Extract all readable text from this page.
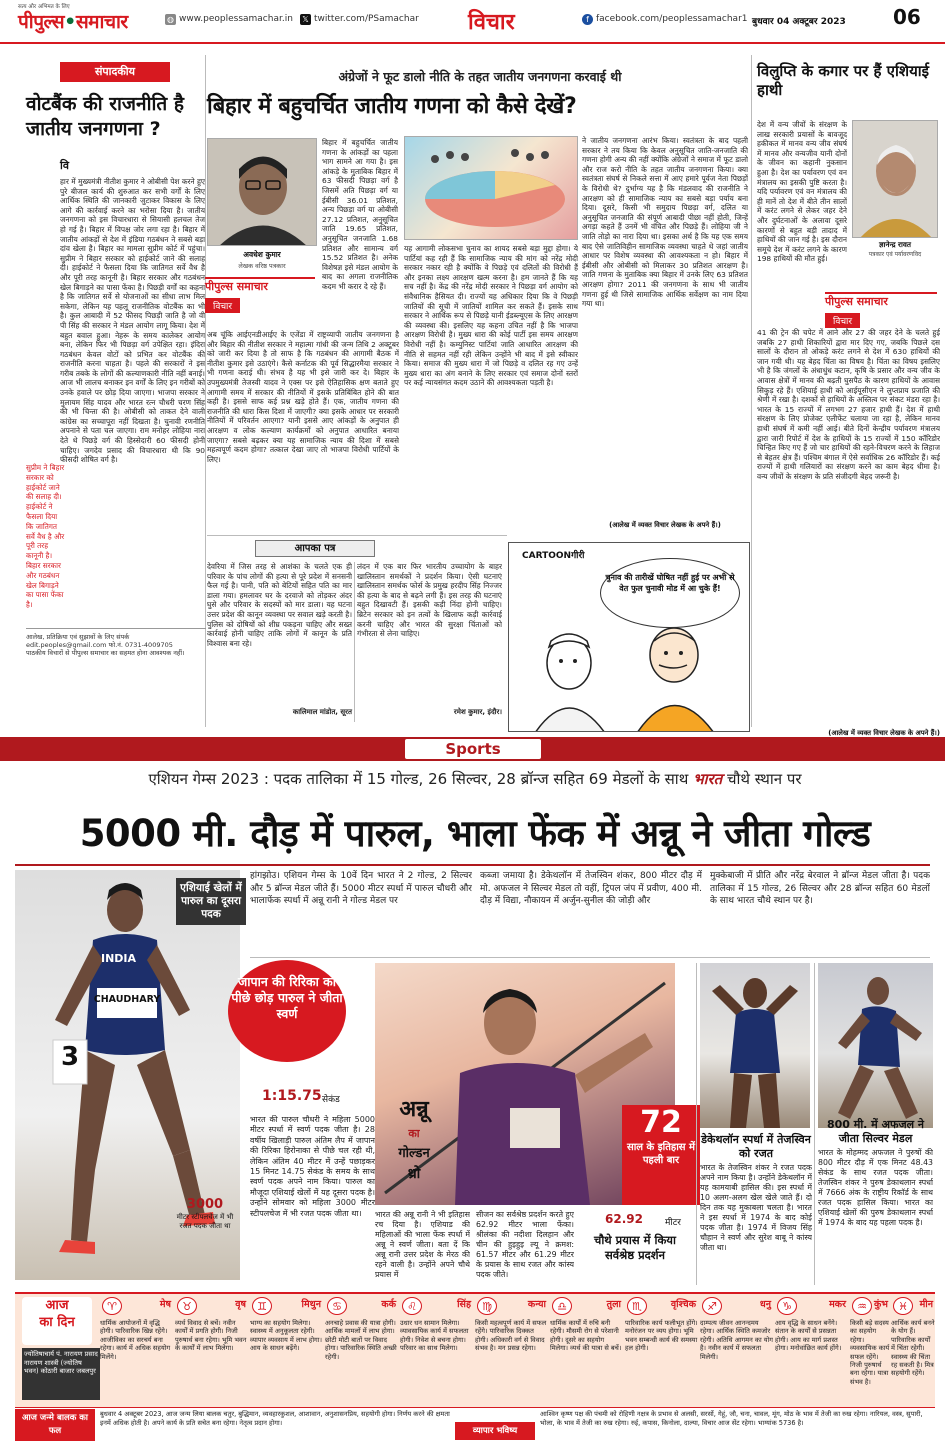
सत्य और अभिमत के लिए
पीपुल्स•समाचार	◍ www.peoplessamachar.in 𝕏 twitter.com/PSamachar विचार	f facebook.com/peoplessamachar1 बुधवार 04 अक्टूबर 2023 06
संपादकीय
वोटबैंक की राजनीति है जातीय जनगणना ?
वि
हार में मुख्यमंत्री नीतीश कुमार ने ओबीसी पेश करने हुए पुरे बीजल कार्य की शुरुआत कर सभी वर्गों के लिए आर्थिक स्थिति की जानकारी जुटाकर विकास के लिए आगे की कार्रवाई करने का भरोसा दिया है। जातीय जनगणना को इस विचारधारा से सियासी हलचल तेज हो गई है। बिहार में विपक्ष जोर लगा रहा है। बिहार में जातीय आंकड़ों से देश में इंडिया गठबंधन ने सबसे बड़ा दांव खेला है। बिहार का मामला सुप्रीम कोर्ट में पहुंचा। सुप्रीम ने बिहार सरकार को हाईकोर्ट जाने की सलाह दी। हाईकोर्ट ने फैसला दिया कि जातिगत सर्वे वैध है और पूरी तरह कानूनी है। बिहार सरकार और गठबंधन खेल बिगाड़ने का पासा फेंका है। पिछड़ी वर्गों का कहना है कि जातिगत सर्वे से योजनाओं का सीधा लाभ मिल सकेगा, लेकिन यह पहलू राजनीतिक वोटबैंक का भी है। कुल आबादी में 52 फीसद पिछड़ी जाति है जो वी पी सिंह की सरकार ने मंडल आयोग लागू किया। देश में बहुत बवाल हुआ। नेहरू के समय कालेकर आयोग बना, लेकिन फिर भी पिछड़ा वर्ग उपेक्षित रहा। इंदिरा गठबंधन केवल वोटों को प्रभित कर वोटबैंक की राजनीति करना चाहता है। पहले की सरकारों ने इस गरीब तबके के लोगों की कल्याणकारी नीति नहीं बनाई। आज भी लालच बनाकर इन वर्गों के लिए इन गरीबों को उनके हवाले पर छोड़ दिया जाएगा। भाजपा सरकार ने मुलायम सिंह यादव और भारत रत्न चौधरी चरण सिंह की भी चिन्ता की है। ओबीसी को ताकत देने वाली कांग्रेस का सच्चापूरा नहीं दिखता है। चुनावी रणनीति अपनाने से पता चल जाएगा। राम मनोहर लोहिया नारा देते थे पिछड़े वर्ग की हिस्सेदारी 60 फीसदी होनी चाहिए। जगदेव प्रसाद की विचारधारा थी कि 90 फीसदी शोषित वर्ग है।
सुप्रीम ने बिहार सरकार को हाईकोर्ट जाने की सलाह दी। हाईकोर्ट ने फैसला दिया कि जातिगत सर्वे वैध है और पूरी तरह कानूनी है। बिहार सरकार और गठबंधन खेल बिगाड़ने का पासा फेंका है।
आलेख, प्रतिक्रिया एवं सुझावों के लिए संपर्क
edit.peoples@gmail.com फो.नं. 0731-4009705
पाठकीय विचारों से पीपुल्स समाचार का सहमत होना आवश्यक नहीं।
अंग्रेजों ने फूट डालो नीति के तहत जातीय जनगणना करवाई थी
बिहार में बहुचर्चित जातीय गणना को कैसे देखें?
अवधेश कुमार
लेखक वरिष्ठ पत्रकार
पीपुल्स समाचार
विचार
बिहार में बहुचर्चित जातीय गणना के आंकड़ों का पहला भाग सामने आ गया है। इस आंकड़े के मुताबिक बिहार में 63 फीसदी पिछड़ा वर्ग है जिसमें अति पिछड़ा वर्ग या ईबीसी 36.01 प्रतिशत, अन्य पिछड़ा वर्ग या ओबीसी 27.12 प्रतिशत, अनुसूचित जाति 19.65 प्रतिशत, अनुसूचित जनजाति 1.68 प्रतिशत और सामान्य वर्ग 15.52 प्रतिशत है। अनेक विशेषज्ञ इसे मंडल आयोग के बाद का अगला राजनीतिक कदम भी करार दे रहे हैं।
यह आगामी लोकसभा चुनाव का शायद सबसे बड़ा मुद्दा होगा। ये पार्टियां कह रही हैं कि सामाजिक न्याय की मांग को नरेंद्र मोदी सरकार नकार रही है क्योंकि वे पिछड़े एवं दलितों की विरोधी हैं और इनका लक्ष्य आरक्षण खत्म करना है। हम जानते हैं कि यह सच नहीं है। केंद्र की नरेंद्र मोदी सरकार ने पिछड़ा वर्ग आयोग को संवैधानिक हैसियत दी। राज्यों यह अधिकार दिया कि वे पिछड़ी जातियों की सूची में जातियों शामिल कर सकते हैं। इसके साथ सरकार ने आर्थिक रूप से पिछड़े यानी ईडब्ल्यूएस के लिए आरक्षण की व्यवस्था की। इसलिए यह कहना उचित नहीं है कि भाजपा आरक्षण विरोधी है। मुख्य धारा की कोई पार्टी इस समय आरक्षण विरोधी नहीं है। कम्युनिस्ट पार्टियां जाति आधारित आरक्षण की नीति से सहमत नहीं रही लेकिन उन्होंने भी बाद में इसे स्वीकार किया। समाज की मुख्य धारा में जो पिछड़े व दलित रह गए उन्हें मुख्य धारा का अंग बनाने के लिए सरकार एवं समाज दोनों स्तरों पर कई न्यायसंगत कदम उठाने की आवश्यकता पड़ती है।
ने जातीय जनगणना आरंभ किया। स्वतंत्रता के बाद पहली सरकार ने तय किया कि केवल अनुसूचित जाति-जनजाति की गणना होगी अन्य की नहीं क्योंकि अंग्रेजों ने समाज में फूट डालो और राज करो नीति के तहत जातीय जनगणना किया। क्या स्वतंत्रता संघर्ष से निकले सत्ता में आए हमारे पूर्वज नेता पिछड़ों के विरोधी थे? दुर्भाग्य यह है कि मंडलवाद की राजनीति ने आरक्षण को ही सामाजिक न्याय का सबसे बड़ा पर्याय बना दिया। दूसरे, किसी भी समुदाय पिछड़ा वर्ग, दलित या अनुसूचित जनजाति की संपूर्ण आबादी पीछा नहीं होती, जिन्हें अगड़ा कहते हैं उनमें भी वंचित और पिछड़े हैं। लोहिया जी ने जाति तोड़ो का नारा दिया था। इसका अर्थ है कि यह एक समय बाद ऐसे जातिविहीन सामाजिक व्यवस्था चाहते थे जहां जातीय आधार पर विशेष व्यवस्था की आवश्यकता न हो। बिहार में ईबीसी और ओबीसी को मिलाकर 30 प्रतिशत आरक्षण है। जाति गणना के मुताबिक क्या बिहार में उनके लिए 63 प्रतिशत आरक्षण होगा? 2011 की जनगणना के साथ भी जातीय गणना हुई थी जिसे सामाजिक आर्थिक सर्वेक्षण का नाम दिया गया था।
अब चूंकि आईएनडीआईए के एजेंडा में राष्ट्रव्यापी जातीय जनगणना है और बिहार की नीतीश सरकार ने महात्मा गांधी की जन्म तिथि 2 अक्टूबर को जारी कर दिया है तो साफ है कि गठबंधन की आगामी बैठक में नीतीश कुमार इसे उठाएंगे। कैसे कर्नाटक की पूर्व सिद्धारमैया सरकार ने भी गणना कराई थी। संभव है यह भी इसे जारी कर दे। बिहार के उपमुख्यमंत्री तेजस्वी यादव ने एक्स पर इसे ऐतिहासिक क्षण बताते हुए आगामी समय में सरकार की नीतियों में इसके प्रतिबिंबित होने की बात कही है। इससे साफ कई प्रश्न खड़े होते हैं। एक, जातीय गणना की राजनीति की धारा किस दिशा में जाएगी? क्या इसके आधार पर सरकारी नीतियों में परिवर्तन आएगा? यानी इससे आए आंकड़ों के अनुपात ही आरक्षण व लोक कल्याण कार्यक्रमों को अनुपात आधारित बनाया जाएगा? सबसे बढ़कर क्या यह सामाजिक न्याय की दिशा में सबसे महत्वपूर्ण कदम होगा? तत्काल देखा जाए तो भाजपा विरोधी पार्टियों के लिए।
(आलेख में व्यक्त विचार लेखक के अपने हैं।)
विलुप्ति के कगार पर हैं एशियाई हाथी
ज्ञानेन्द्र रावत
पत्रकार एवं पर्यावरणविद
देश में वन्य जीवों के संरक्षण के लाख सरकारी प्रयासों के बावजूद हकीकत में मानव वन्य जीव संघर्ष में मानव और वन्यजीव यानी दोनों के जीवन का कहानी नुकसान हुआ है। देश का पर्यावरण एवं वन मंत्रालय का इसकी पुष्टि करता है। यदि पर्यावरण एवं वन मंत्रालय की ही मानें तो देश में बीते तीन सालों में करंट लगने से लेकर जहर देने और दुर्घटनाओं के अलावा दूसरे कारणों से बहुत बड़ी तादाद में हाथियों की जान गई है। इस दौरान समूचे देश में करंट लगने के कारण 198 हाथियों की मौत हुई।
पीपुल्स समाचार
विचार
41 की ट्रेन की चपेट में आने और 27 की जहर देने के चलते हुई जबकि 27 हाथी शिकारियों द्वारा मार दिए गए, जबकि पिछले दस सालों के दौरान तो ओकड़े करंट लगने से देश में 630 हाथियों की जान गयी थी। यह बेहद चिंता का विषय है। चिंता का विषय इसलिए भी है कि जंगलों के अंधाधुंध कटान, कृषि के प्रसार और वन्य जीव के आवास क्षेत्रों में मानव की बढ़ती घुसपैठ के कारण हाथियों के आवास सिकुड़ रहे हैं। एशियाई हाथी को आईयूसीएन ने लुप्तप्राय प्रजाति की श्रेणी में रखा है। दशकों से हाथियों के अस्तित्व पर संकट मंडरा रहा है। भारत के 15 राज्यों में लगभग 27 हजार हाथी हैं। देश में हाथी संरक्षण के लिए प्रोजेक्ट एलीफेंट चलाया जा रहा है, लेकिन मानव हाथी संघर्ष में कमी नहीं आई। बीते दिनों केन्द्रीय पर्यावरण मंत्रालय द्वारा जारी रिपोर्ट में देश के हाथियों के 15 राज्यों में 150 कॉरिडोर चिन्हित किए गए हैं जो चार हाथियों की रहने-विचरण करने के लिहाज से बेहतर क्षेत्र हैं। पश्चिम बंगाल में ऐसे सर्वाधिक 26 कॉरिडोर हैं। कई राज्यों में हाथी गलियारों का संरक्षण करने का काम बेहद धीमा है। वन्य जीवों के संरक्षण के प्रति संजीदगी बेहद जरूरी है।
(आलेख में व्यक्त विचार लेखक के अपने हैं।)
आपका पत्र
देवरिया में जिस तरह से आशंका के चलते एक ही परिवार के पांच लोगों की हत्या से पूरे प्रदेश में सनसनी फैल गई है। पानी, पति को बेटियों सहित पति का मार डाला गया। हमलावर घर के दरवाजे को तोड़कर अंदर घुसे और परिवार के सदस्यों को मार डाला। यह घटना उत्तर प्रदेश की कानून व्यवस्था पर सवाल खड़े करती है। पुलिस को दोषियों को शीघ्र पकड़ना चाहिए और सख्त कार्रवाई होनी चाहिए ताकि लोगों में कानून के प्रति विश्वास बना रहे।
कालिमाल मांडोत, सूरत
लंदन में एक बार फिर भारतीय उच्चायोग के बाहर खालिस्तान समर्थकों ने प्रदर्शन किया। ऐसी घटनाएं खालिस्तान समर्थक फोर्स के प्रमुख हरदीप सिंह निज्जर की हत्या के बाद से बढ़ने लगी हैं। इस तरह की घटनाएं बहुत दिखावटी हैं। इसकी कड़ी निंदा होनी चाहिए। ब्रिटेन सरकार को इन तत्वों के खिलाफ कड़ी कार्रवाई करनी चाहिए और भारत की सुरक्षा चिंताओं को गंभीरता से लेना चाहिए।
रमेश कुमार, इंदौर।
CARTOONगीरी
चुनाव की तारीखें घोषित नहीं हुई पर अभी से वेत फुल चुनावी मोड में आ चुके हैं!
Sports
एशियन गेम्स 2023 : पदक तालिका में 15 गोल्ड, 26 सिल्वर, 28 ब्रॉन्ज सहित 69 मेडलों के साथ भारत चौथे स्थान पर
5000 मी. दौड़ में पारुल, भाला फेंक में अन्नू ने जीता गोल्ड
INDIA
CHAUDHARY
3
एशियाई खेलों में पारुल का दूसरा पदक
जापान की रिरिका को पीछे छोड़ पारुल ने जीता स्वर्ण
1:15.75 सेकंड
भारत की पारुल चौधरी ने महिला 5000 मीटर स्पर्धा में स्वर्ण पदक जीता है। 28 वर्षीय खिलाड़ी पारुल अंतिम लैप में जापान की रिरिका हिरोनाका से पीछे चल रही थी, लेकिन अंतिम 40 मीटर में उन्हें पछाड़कर 15 मिनट 14.75 सेकंड के समय के साथ स्वर्ण पदक अपने नाम किया। पारुल का मौजूदा एशियाई खेलों में यह दूसरा पदक है। उन्होंने सोमवार को महिला 3000 मीटर स्टीपलचेज में भी रजत पदक जीता था।
3000
मीटर स्टीपलचेज में भी रजत पदक जीता था
हांगझोउ। एशियन गेम्स के 10वें दिन भारत ने 2 गोल्ड, 2 सिल्वर और 5 ब्रॉन्ज मेडल जीते हैं। 5000 मीटर स्पर्धा में पारुल चौधरी और भालाफेंक स्पर्धा में अन्नू रानी ने गोल्ड मेडल पर
कब्जा जमाया है। डेकेथलॉन में तेजस्विन शंकर, 800 मीटर दौड़ में मो. अफजल ने सिल्वर मेडल तो वहीं, ट्रिपल जंप में प्रवीण, 400 मी. दौड़ में विद्या, नौकायन में अर्जुन-सुनील की जोड़ी और
मुक्केबाजी में प्रीति और नरेंद्र बेरवाल ने ब्रॉन्ज मेडल जीता है। पदक तालिका में 15 गोल्ड, 26 सिल्वर और 28 ब्रॉन्ज सहित 60 मेडलों के साथ भारत चौथे स्थान पर है।
अन्नू
का
गोल्डन
थ्रो
भारत की अन्नू रानी ने भी इतिहास रच दिया है। एशियाड की महिलाओं की भाला फेंक स्पर्धा में अन्नू ने स्वर्ण जीता। बता दें कि अन्नू रानी उत्तर प्रदेश के मेरठ की रहने वाली है। उन्होंने अपने चौथे प्रयास में
सीजन का सर्वश्रेष्ठ प्रदर्शन करते हुए 62.92 मीटर भाला फेंका। श्रीलंका की नदीशा दिलहान और चीन की हुइहुइ ल्यू ने क्रमश: 61.57 मीटर और 61.29 मीटर के प्रयास के साथ रजत और कांस्य पदक जीते।
72
साल के इतिहास में पहली बार
62.92 मीटर
चौथे प्रयास में किया सर्वश्रेष्ठ प्रदर्शन
डेकेथलॉन स्पर्धा में तेजस्विन को रजत
भारत के तेजस्विन शंकर ने रजत पदक अपने नाम किया है। उन्होंने डेकेथलॉन में यह कामयाबी हासिल की। इस स्पर्धा में 10 अलग-अलग खेल खेले जाते हैं। दो दिन तक यह मुकाबला चलता है। भारत ने इस स्पर्धा में 1974 के बाद कोई पदक जीता है। 1974 में विजय सिंह चौहान ने स्वर्ण और सुरेश बाबू ने कांस्य जीता था।
800 मी. में अफजल ने जीता सिल्वर मेडल
भारत के मोहम्मद अफजल ने पुरुषों की 800 मीटर दौड़ में एक मिनट 48.43 सेकंड के साथ रजत पदक जीता। तेजस्विन शंकर ने पुरुष डेकाथलान स्पर्धा में 7666 अंक के राष्ट्रीय रिकॉर्ड के साथ रजत पदक हासिल किया। भारत का एशियाई खेलों की पुरुष डेकाथलान स्पर्धा में 1974 के बाद यह पहला पदक है।
आज
का दिन
ज्योतिषाचार्य पं. नारायण प्रसाद नारायण शास्त्री (ज्योतिष भवन) कोठारी बाजार जबलपुर
♈	मेष
धार्मिक आयोजनों में वृद्धि होगी। पारिवारिक खिन्न रहेंगे। आजीविका का सरचर्य बना रहेगा। कार्य में अधिक सहयोग मिलेंगे।
♉	वृष
व्यर्थ विवाद से बचें। नवीन कार्यों में प्रगति होगी। निजी पुरुषार्थ बना रहेगा। भूमि भवन के कार्यों में लाभ मिलेगा।
♊	मिथुन
भाग्य का सहयोग मिलेगा। स्वास्थ्य में अनुकूलता रहेगी। व्यापार व्यवसाय में लाभ होगा। आय के साधन बढ़ेंगे।
♋	कर्क
अनचाहे प्रवास की यात्रा होगी। आर्थिक मामलों में लाभ होगा। छोटी मोटी बातों पर विवाद होगा। पारिवारिक स्थिति अच्छी रहेगी।
♌	सिंह
उधार धन सामान मिलेगा। व्यावसायिक कार्य में सफलता होगी। निवेश से बचना होगा। परिवार का साथ मिलेगा।
♍	कन्या
किसी महत्वपूर्ण कार्य में सफल रहेंगे। पारिवारिक दिक्कत होगी। अधिकारी वर्ग से विवाद संभव है। मन प्रसन्न रहेगा।
♎	तुला
धार्मिक कार्यों में रुचि बनी रहेगी। मौसमी रोग से परेशानी होगी। दूसरे का सहयोग मिलेगा। व्यर्थ की यात्रा से बचें।
♏	वृश्चिक
पारिवारिक कार्य फलीभूत होंगे। मनोरंजन पर व्यय होगा। भूमि भवन सम्बन्धी कार्य की समस्या हल होगी।
♐	धनु
दाम्पत्य जीवन आनन्दमय रहेगा। आर्थिक स्थिति कमजोर रहेगी। अतिथि आगमन का योग है। नवीन कार्य में सफलता मिलेगी।
♑	मकर
आय वृद्धि के साधन बनेंगे। संतान के कार्यों से प्रसन्नता होगी। आय का मार्ग प्रशस्त होगा। मनोवांछित कार्य होंगे।
♒ कुंभ
किसी बड़े सदस्य का सहयोग रहेगा। व्यवसायिक कार्य सफल रहेंगे। निजी पुरुषार्थ बना रहेगा। यात्रा संभव है।
♓	मीन
आर्थिक कार्य बनने के योग हैं। पारिवारिक कार्यों में चिंता रहेगी। स्वास्थ्य की चिंता रह सकती है। मित्र सहयोगी रहेंगे।
आज जन्मे बालक का फल
बुधवार 4 अक्टूबर 2023, आज जन्म लिया बालक चतुर, बुद्धिमान, व्यवहारकुशल, आशावान, अनुशासनप्रिय, सहयोगी होगा। निर्णय करने की क्षमता इनमें अधिक होती है। अपने कार्य के प्रति सचेत बना रहेगा। नेतृत्व प्रदान होगा।
व्यापार भविष्य
आश्विन कृष्ण पक्ष की पंचमी को रोहिणी नक्षत्र के प्रभाव से अलसी, सरसों, गेहूं, जौ, चना, चावल, मूंग, मोठ के भाव में तेजी का रुख रहेगा। नारियल, वस्त्र, सुपारी, भोला, के भाव में तेजी का रुख रहेगा। रुई, कपास, किनोला, दाल्या, विचार आज सेंट रहेगा। भाग्यांक 5736 है।
